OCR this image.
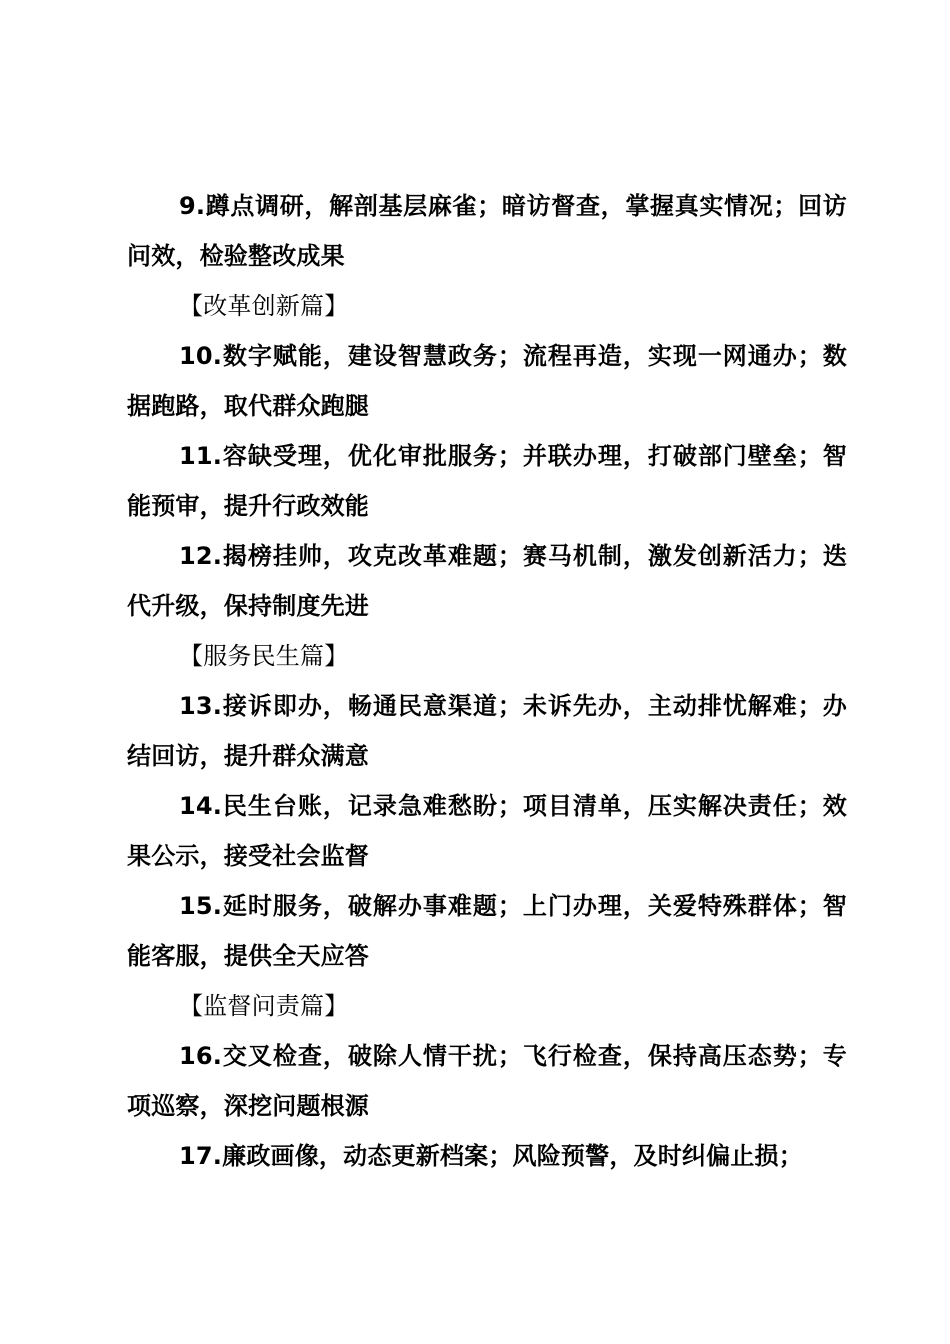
9.蹲点调研，解剖基层麻雀；暗访督查，掌握真实情况；回访问效，检验整改成果

【改革创新篇】

10.数字赋能，建设智慧政务；流程再造，实现一网通办；数据跑路，取代群众跑腿

11.容缺受理，优化审批服务；并联办理，打破部门壁垒；智能预审，提升行政效能

12.揭榜挂帅，攻克改革难题；赛马机制，激发创新活力；迭代升级，保持制度先进

【服务民生篇】

13.接诉即办，畅通民意渠道；未诉先办，主动排忧解难；办结回访，提升群众满意

14.民生台账，记录急难愁盼；项目清单，压实解决责任；效果公示，接受社会监督

15.延时服务，破解办事难题；上门办理，关爱特殊群体；智能客服，提供全天应答

【监督问责篇】

16.交叉检查，破除人情干扰；飞行检查，保持高压态势；专项巡察，深挖问题根源

17.廉政画像，动态更新档案；风险预警，及时纠偏止损；
